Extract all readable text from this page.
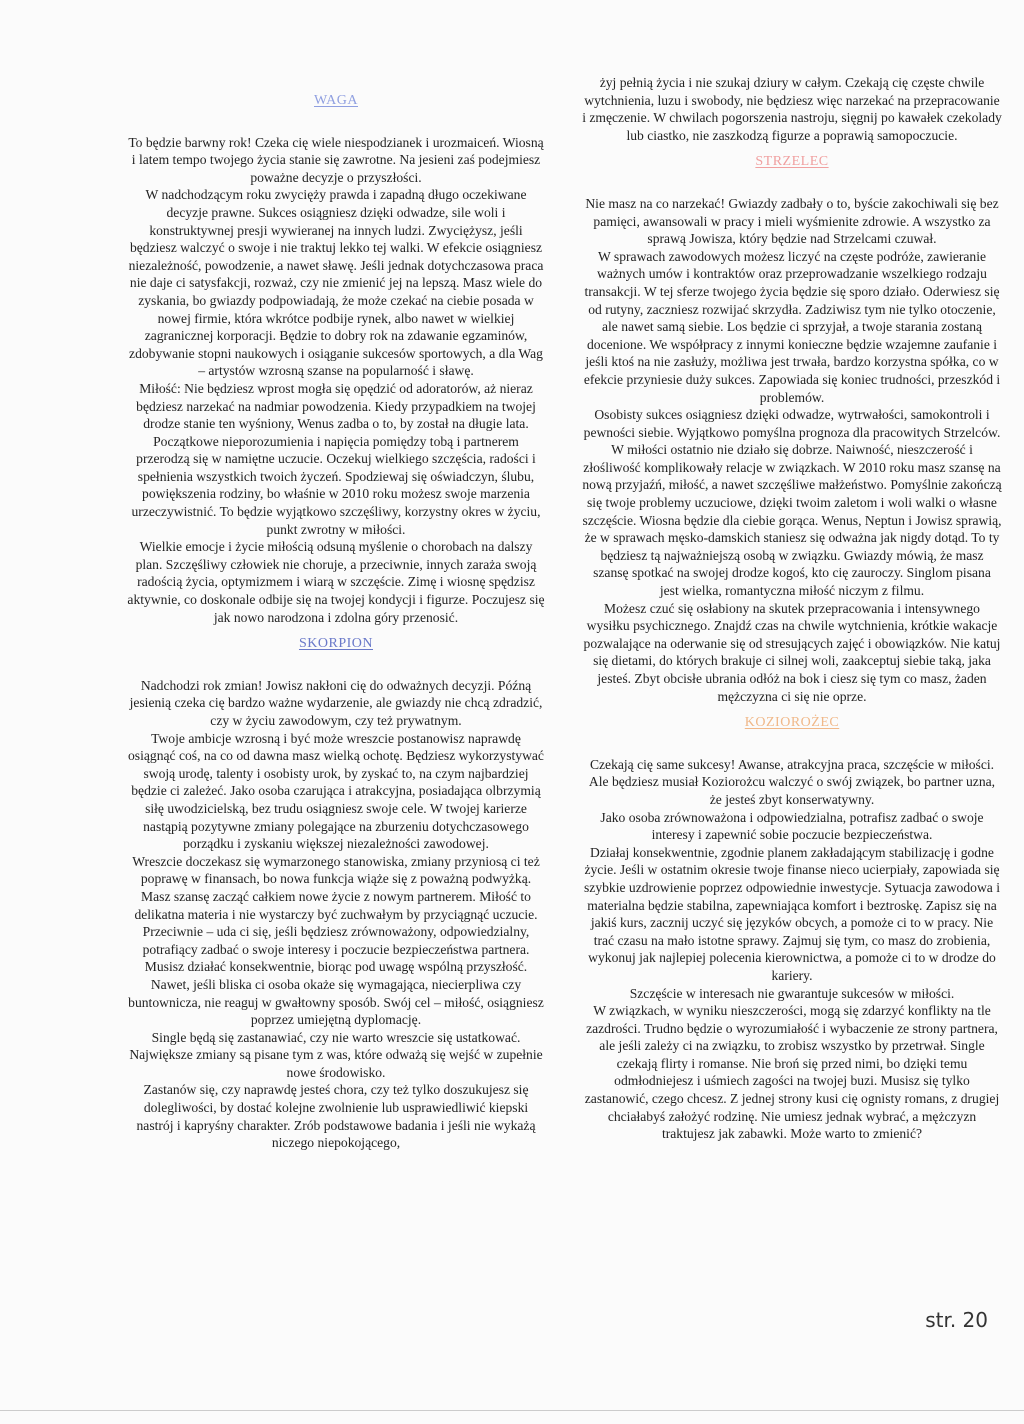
WAGA

To będzie barwny rok! Czeka cię wiele niespodzianek i urozmaiceń. Wiosną i latem tempo twojego życia stanie się zawrotne. Na jesieni zaś podejmiesz poważne decyzje o przyszłości.

W nadchodzącym roku zwycięży prawda i zapadną długo oczekiwane decyzje prawne. Sukces osiągniesz dzięki odwadze, sile woli i konstruktywnej presji wywieranej na innych ludzi. Zwyciężysz, jeśli będziesz walczyć o swoje i nie traktuj lekko tej walki. W efekcie osiągniesz niezależność, powodzenie, a nawet sławę. Jeśli jednak dotychczasowa praca nie daje ci satysfakcji, rozważ, czy nie zmienić jej na lepszą. Masz wiele do zyskania, bo gwiazdy podpowiadają, że może czekać na ciebie posada w nowej firmie, która wkrótce podbije rynek, albo nawet w wielkiej zagranicznej korporacji. Będzie to dobry rok na zdawanie egzaminów, zdobywanie stopni naukowych i osiąganie sukcesów sportowych, a dla Wag – artystów wzrosną szanse na popularność i sławę.

Miłość: Nie będziesz wprost mogła się opędzić od adoratorów, aż nieraz będziesz narzekać na nadmiar powodzenia. Kiedy przypadkiem na twojej drodze stanie ten wyśniony, Wenus zadba o to, by został na długie lata. Początkowe nieporozumienia i napięcia pomiędzy tobą i partnerem przerodzą się w namiętne uczucie. Oczekuj wielkiego szczęścia, radości i spełnienia wszystkich twoich życzeń. Spodziewaj się oświadczyn, ślubu, powiększenia rodziny, bo właśnie w 2010 roku możesz swoje marzenia urzeczywistnić. To będzie wyjątkowo szczęśliwy, korzystny okres w życiu, punkt zwrotny w miłości.

Wielkie emocje i życie miłością odsuną myślenie o chorobach na dalszy plan. Szczęśliwy człowiek nie choruje, a przeciwnie, innych zaraża swoją radością życia, optymizmem i wiarą w szczęście. Zimę i wiosnę spędzisz aktywnie, co doskonale odbije się na twojej kondycji i figurze. Poczujesz się jak nowo narodzona i zdolna góry przenosić.

SKORPION

Nadchodzi rok zmian! Jowisz nakłoni cię do odważnych decyzji. Późną jesienią czeka cię bardzo ważne wydarzenie, ale gwiazdy nie chcą zdradzić, czy w życiu zawodowym, czy też prywatnym.

Twoje ambicje wzrosną i być może wreszcie postanowisz naprawdę osiągnąć coś, na co od dawna masz wielką ochotę. Będziesz wykorzystywać swoją urodę, talenty i osobisty urok, by zyskać to, na czym najbardziej będzie ci zależeć. Jako osoba czarująca i atrakcyjna, posiadająca olbrzymią siłę uwodzicielską, bez trudu osiągniesz swoje cele. W twojej karierze nastąpią pozytywne zmiany polegające na zburzeniu dotychczasowego porządku i zyskaniu większej niezależności zawodowej.

Wreszcie doczekasz się wymarzonego stanowiska, zmiany przyniosą ci też poprawę w finansach, bo nowa funkcja wiąże się z poważną podwyżką.

Masz szansę zacząć całkiem nowe życie z nowym partnerem. Miłość to delikatna materia i nie wystarczy być zuchwałym by przyciągnąć uczucie. Przeciwnie – uda ci się, jeśli będziesz zrównoważony, odpowiedzialny, potrafiący zadbać o swoje interesy i poczucie bezpieczeństwa partnera. Musisz działać konsekwentnie, biorąc pod uwagę wspólną przyszłość.

Nawet, jeśli bliska ci osoba okaże się wymagająca, niecierpliwa czy buntownicza, nie reaguj w gwałtowny sposób. Swój cel – miłość, osiągniesz poprzez umiejętną dyplomację.

Single będą się zastanawiać, czy nie warto wreszcie się ustatkować. Największe zmiany są pisane tym z was, które odważą się wejść w zupełnie nowe środowisko.

Zastanów się, czy naprawdę jesteś chora, czy też tylko doszukujesz się dolegliwości, by dostać kolejne zwolnienie lub usprawiedliwić kiepski nastrój i kapryśny charakter. Zrób podstawowe badania i jeśli nie wykażą niczego niepokojącego,

żyj pełnią życia i nie szukaj dziury w całym. Czekają cię częste chwile wytchnienia, luzu i swobody, nie będziesz więc narzekać na przepracowanie i zmęczenie. W chwilach pogorszenia nastroju, sięgnij po kawałek czekolady lub ciastko, nie zaszkodzą figurze a poprawią samopoczucie.

STRZELEC

Nie masz na co narzekać! Gwiazdy zadbały o to, byście zakochiwali się bez pamięci, awansowali w pracy i mieli wyśmienite zdrowie. A wszystko za sprawą Jowisza, który będzie nad Strzelcami czuwał.

W sprawach zawodowych możesz liczyć na częste podróże, zawieranie ważnych umów i kontraktów oraz przeprowadzanie wszelkiego rodzaju transakcji. W tej sferze twojego życia będzie się sporo działo. Oderwiesz się od rutyny, zaczniesz rozwijać skrzydła. Zadziwisz tym nie tylko otoczenie, ale nawet samą siebie. Los będzie ci sprzyjał, a twoje starania zostaną docenione. We współpracy z innymi konieczne będzie wzajemne zaufanie i jeśli ktoś na nie zasłuży, możliwa jest trwała, bardzo korzystna spółka, co w efekcie przyniesie duży sukces. Zapowiada się koniec trudności, przeszkód i problemów.

Osobisty sukces osiągniesz dzięki odwadze, wytrwałości, samokontroli i pewności siebie. Wyjątkowo pomyślna prognoza dla pracowitych Strzelców.

W miłości ostatnio nie działo się dobrze. Naiwność, nieszczerość i złośliwość komplikowały relacje w związkach. W 2010 roku masz szansę na nową przyjaźń, miłość, a nawet szczęśliwe małżeństwo. Pomyślnie zakończą się twoje problemy uczuciowe, dzięki twoim zaletom i woli walki o własne szczęście. Wiosna będzie dla ciebie gorąca. Wenus, Neptun i Jowisz sprawią, że w sprawach męsko-damskich staniesz się odważna jak nigdy dotąd. To ty będziesz tą najważniejszą osobą w związku. Gwiazdy mówią, że masz szansę spotkać na swojej drodze kogoś, kto cię zauroczy. Singlom pisana jest wielka, romantyczna miłość niczym z filmu.

Możesz czuć się osłabiony na skutek przepracowania i intensywnego wysiłku psychicznego. Znajdź czas na chwile wytchnienia, krótkie wakacje pozwalające na oderwanie się od stresujących zajęć i obowiązków. Nie katuj się dietami, do których brakuje ci silnej woli, zaakceptuj siebie taką, jaka jesteś. Zbyt obcisłe ubrania odłóż na bok i ciesz się tym co masz, żaden mężczyzna ci się nie oprze.

KOZIOROŻEC

Czekają cię same sukcesy! Awanse, atrakcyjna praca, szczęście w miłości. Ale będziesz musiał Koziorożcu walczyć o swój związek, bo partner uzna, że jesteś zbyt konserwatywny.

Jako osoba zrównoważona i odpowiedzialna, potrafisz zadbać o swoje interesy i zapewnić sobie poczucie bezpieczeństwa.

Działaj konsekwentnie, zgodnie planem zakładającym stabilizację i godne życie. Jeśli w ostatnim okresie twoje finanse nieco ucierpiały, zapowiada się szybkie uzdrowienie poprzez odpowiednie inwestycje. Sytuacja zawodowa i materialna będzie stabilna, zapewniająca komfort i beztroskę. Zapisz się na jakiś kurs, zacznij uczyć się języków obcych, a pomoże ci to w pracy. Nie trać czasu na mało istotne sprawy. Zajmuj się tym, co masz do zrobienia, wykonuj jak najlepiej polecenia kierownictwa, a pomoże ci to w drodze do kariery.

Szczęście w interesach nie gwarantuje sukcesów w miłości.

W związkach, w wyniku nieszczerości, mogą się zdarzyć konflikty na tle zazdrości. Trudno będzie o wyrozumiałość i wybaczenie ze strony partnera, ale jeśli zależy ci na związku, to zrobisz wszystko by przetrwał. Single czekają flirty i romanse. Nie broń się przed nimi, bo dzięki temu odmłodniejesz i uśmiech zagości na twojej buzi. Musisz się tylko zastanowić, czego chcesz. Z jednej strony kusi cię ognisty romans, z drugiej chciałabyś założyć rodzinę. Nie umiesz jednak wybrać, a mężczyzn traktujesz jak zabawki. Może warto to zmienić?

str. 20
